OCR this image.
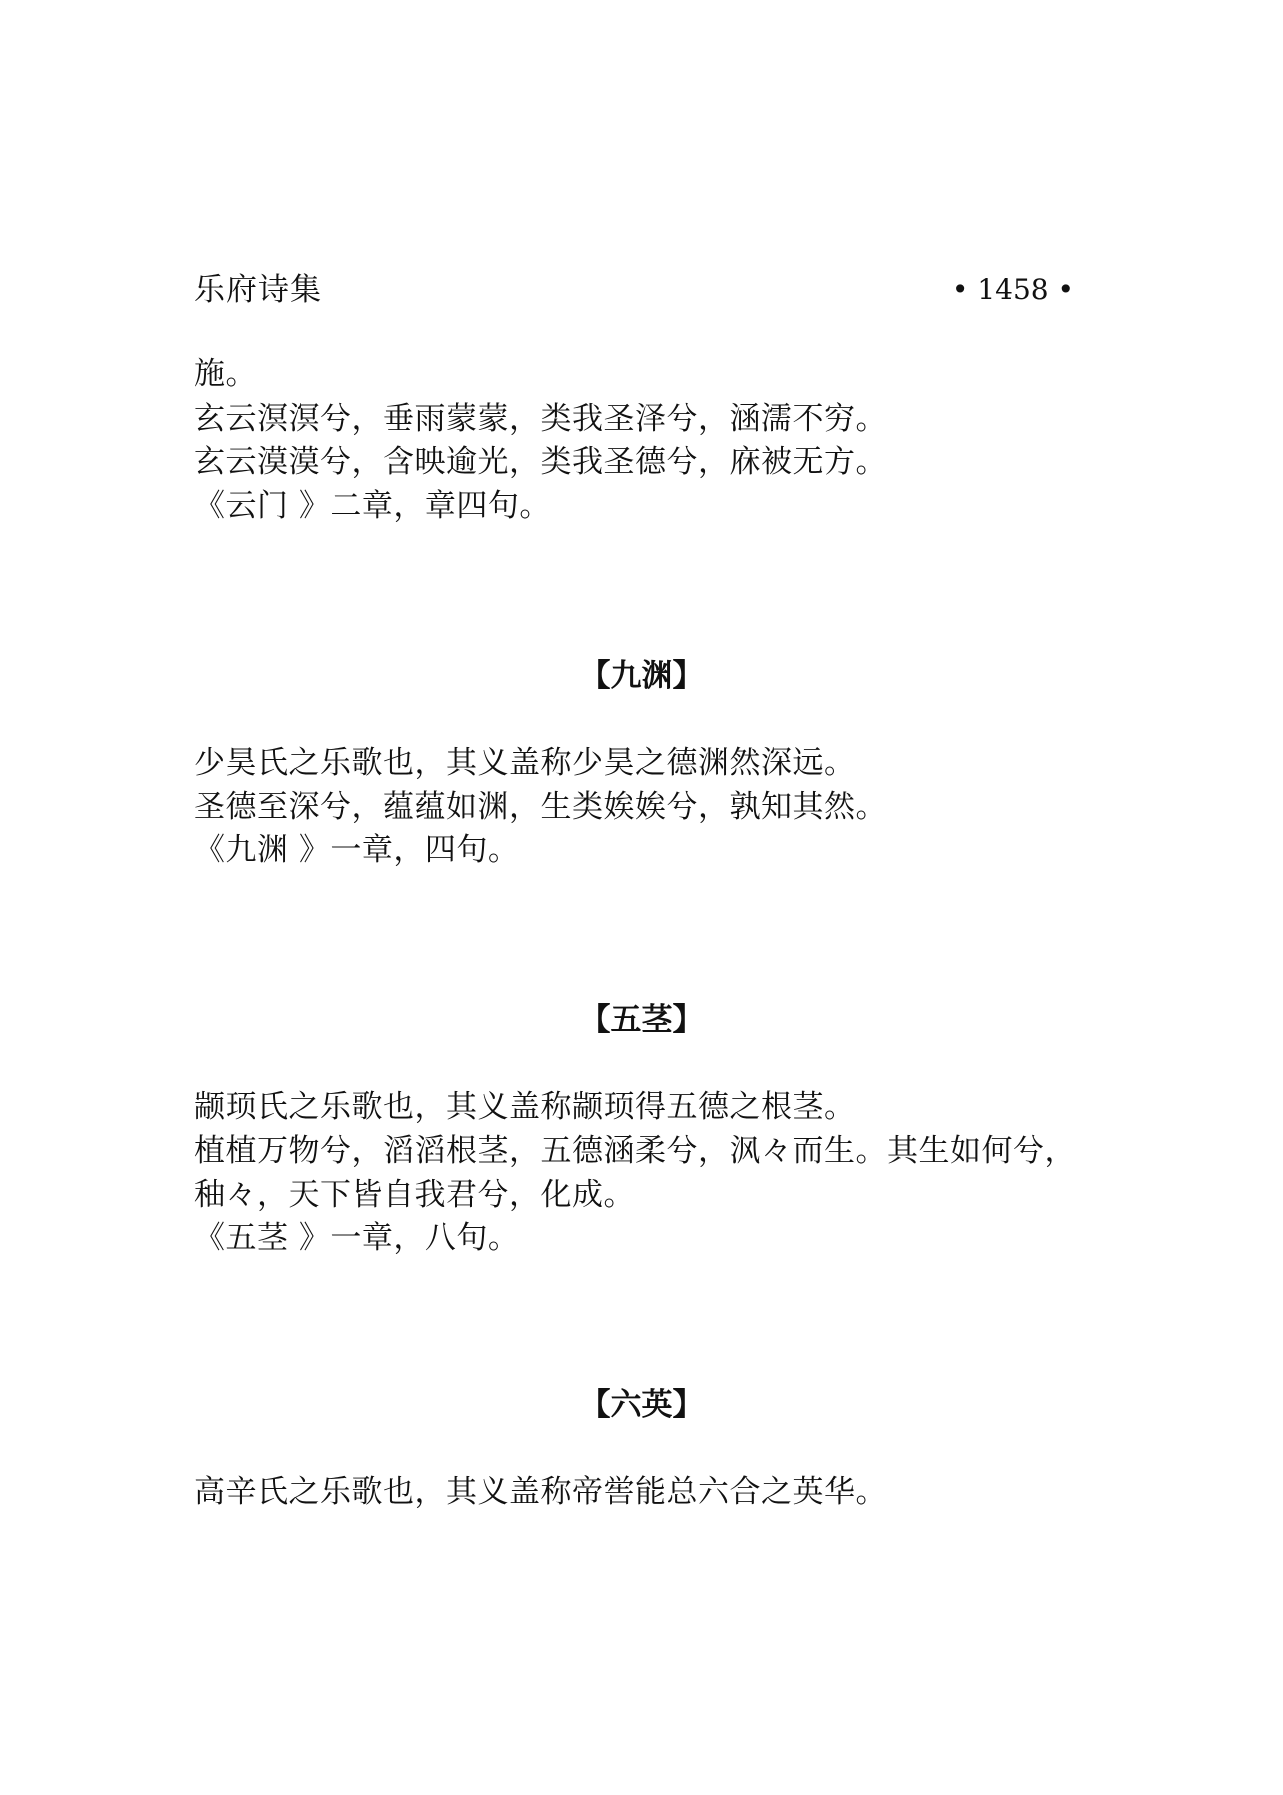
乐府诗集	• 1458 •
施。
玄云溟溟兮，垂雨蒙蒙，类我圣泽兮，涵濡不穷。
玄云漠漠兮，含映逾光，类我圣德兮，庥被无方。
《云门 》二章，章四句。
【九渊】
少昊氏之乐歌也，其义盖称少昊之德渊然深远。
圣德至深兮，蕴蕴如渊，生类娭娭兮，孰知其然。
《九渊 》一章，四句。
【五茎】
颛顼氏之乐歌也，其义盖称颛顼得五德之根茎。
植植万物兮，滔滔根茎，五德涵柔兮，沨々而生。其生如何兮，
秞々，天下皆自我君兮，化成。
《五茎 》一章，八句。
【六英】
高辛氏之乐歌也，其义盖称帝喾能总六合之英华。
